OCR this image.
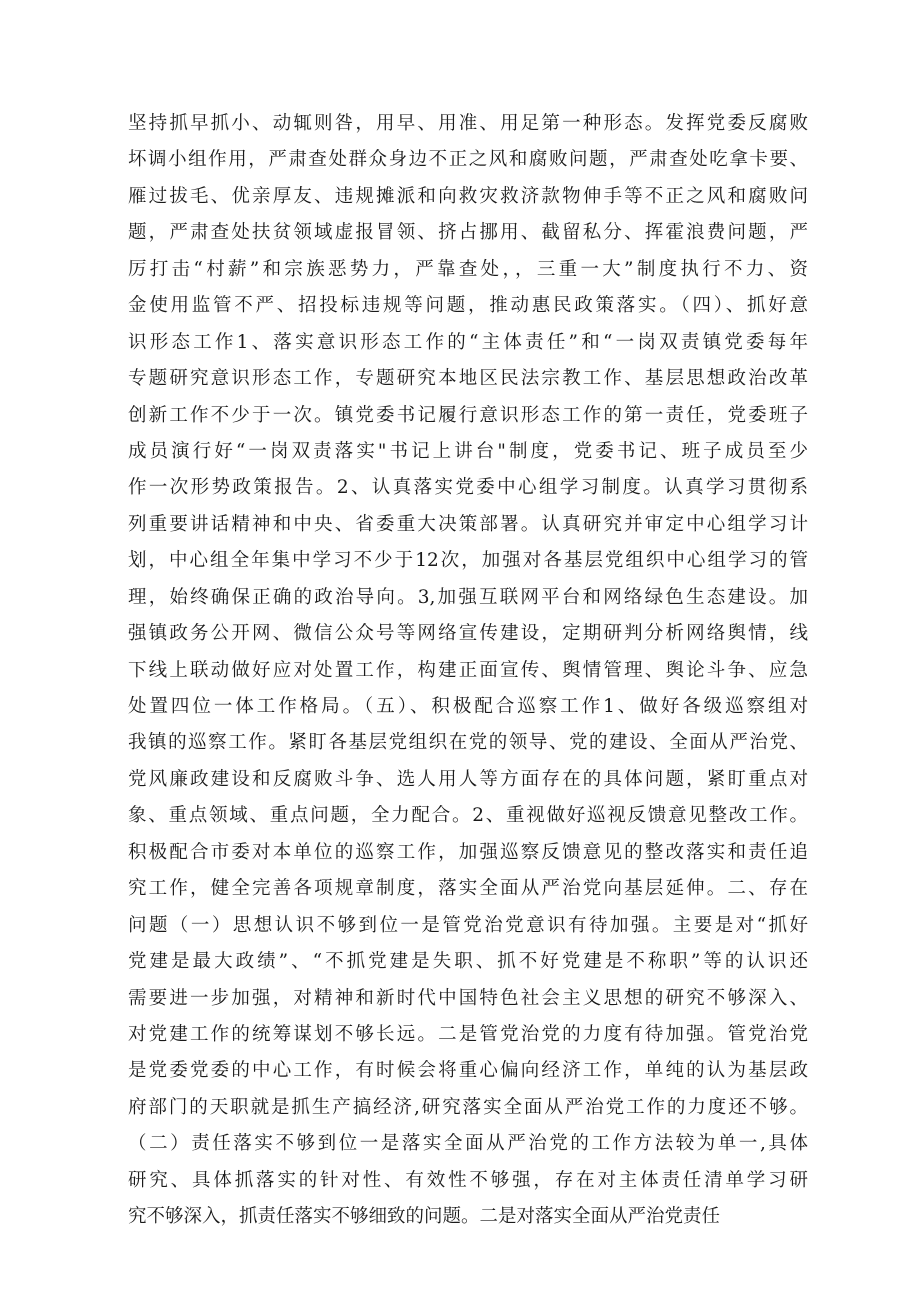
坚持抓早抓小、动辄则咎，用早、用准、用足第一种形态。发挥党委反腐败
坏调小组作用，严肃查处群众身边不正之风和腐败问题，严肃查处吃拿卡要、
雁过拔毛、优亲厚友、违规摊派和向救灾救济款物伸手等不正之风和腐败问
题，严肃查处扶贫领域虚报冒领、挤占挪用、截留私分、挥霍浪费问题，严
厉打击“村薪”和宗族恶势力，严靠查处，，三重一大”制度执行不力、资
金使用监管不严、招投标违规等问题，推动惠民政策落实。（四）、抓好意
识形态工作1、落实意识形态工作的“主体责任”和“一岗双责镇党委每年
专题研究意识形态工作，专题研究本地区民法宗教工作、基层思想政治改革
创新工作不少于一次。镇党委书记履行意识形态工作的第一责任，党委班子
成员演行好“一岗双责落实"书记上讲台"制度，党委书记、班子成员至少
作一次形势政策报告。2、认真落实党委中心组学习制度。认真学习贯彻系
列重要讲话精神和中央、省委重大决策部署。认真研究并审定中心组学习计
划，中心组全年集中学习不少于12次，加强对各基层党组织中心组学习的管
理，始终确保正确的政治导向。3,加强互联网平台和网络绿色生态建设。加
强镇政务公开网、微信公众号等网络宣传建设，定期研判分析网络舆情，线
下线上联动做好应对处置工作，构建正面宣传、舆情管理、舆论斗争、应急
处置四位一体工作格局。（五）、积极配合巡察工作1、做好各级巡察组对
我镇的巡察工作。紧盯各基层党组织在党的领导、党的建设、全面从严治党、
党风廉政建设和反腐败斗争、选人用人等方面存在的具体问题，紧盯重点对
象、重点领域、重点问题，全力配合。2、重视做好巡视反馈意见整改工作。
积极配合市委对本单位的巡察工作，加强巡察反馈意见的整改落实和责任追
究工作，健全完善各项规章制度，落实全面从严治党向基层延伸。二、存在
问题（一）思想认识不够到位一是管党治党意识有待加强。主要是对“抓好
党建是最大政绩”、“不抓党建是失职、抓不好党建是不称职”等的认识还
需要进一步加强，对精神和新时代中国特色社会主义思想的研究不够深入、
对党建工作的统筹谋划不够长远。二是管党治党的力度有待加强。管党治党
是党委党委的中心工作，有时候会将重心偏向经济工作，单纯的认为基层政
府部门的天职就是抓生产搞经济,研究落实全面从严治党工作的力度还不够。
（二）责任落实不够到位一是落实全面从严治党的工作方法较为单一,具体
研究、具体抓落实的针对性、有效性不够强，存在对主体责任清单学习研
究不够深入，抓责任落实不够细致的问题。二是对落实全面从严治党责任
